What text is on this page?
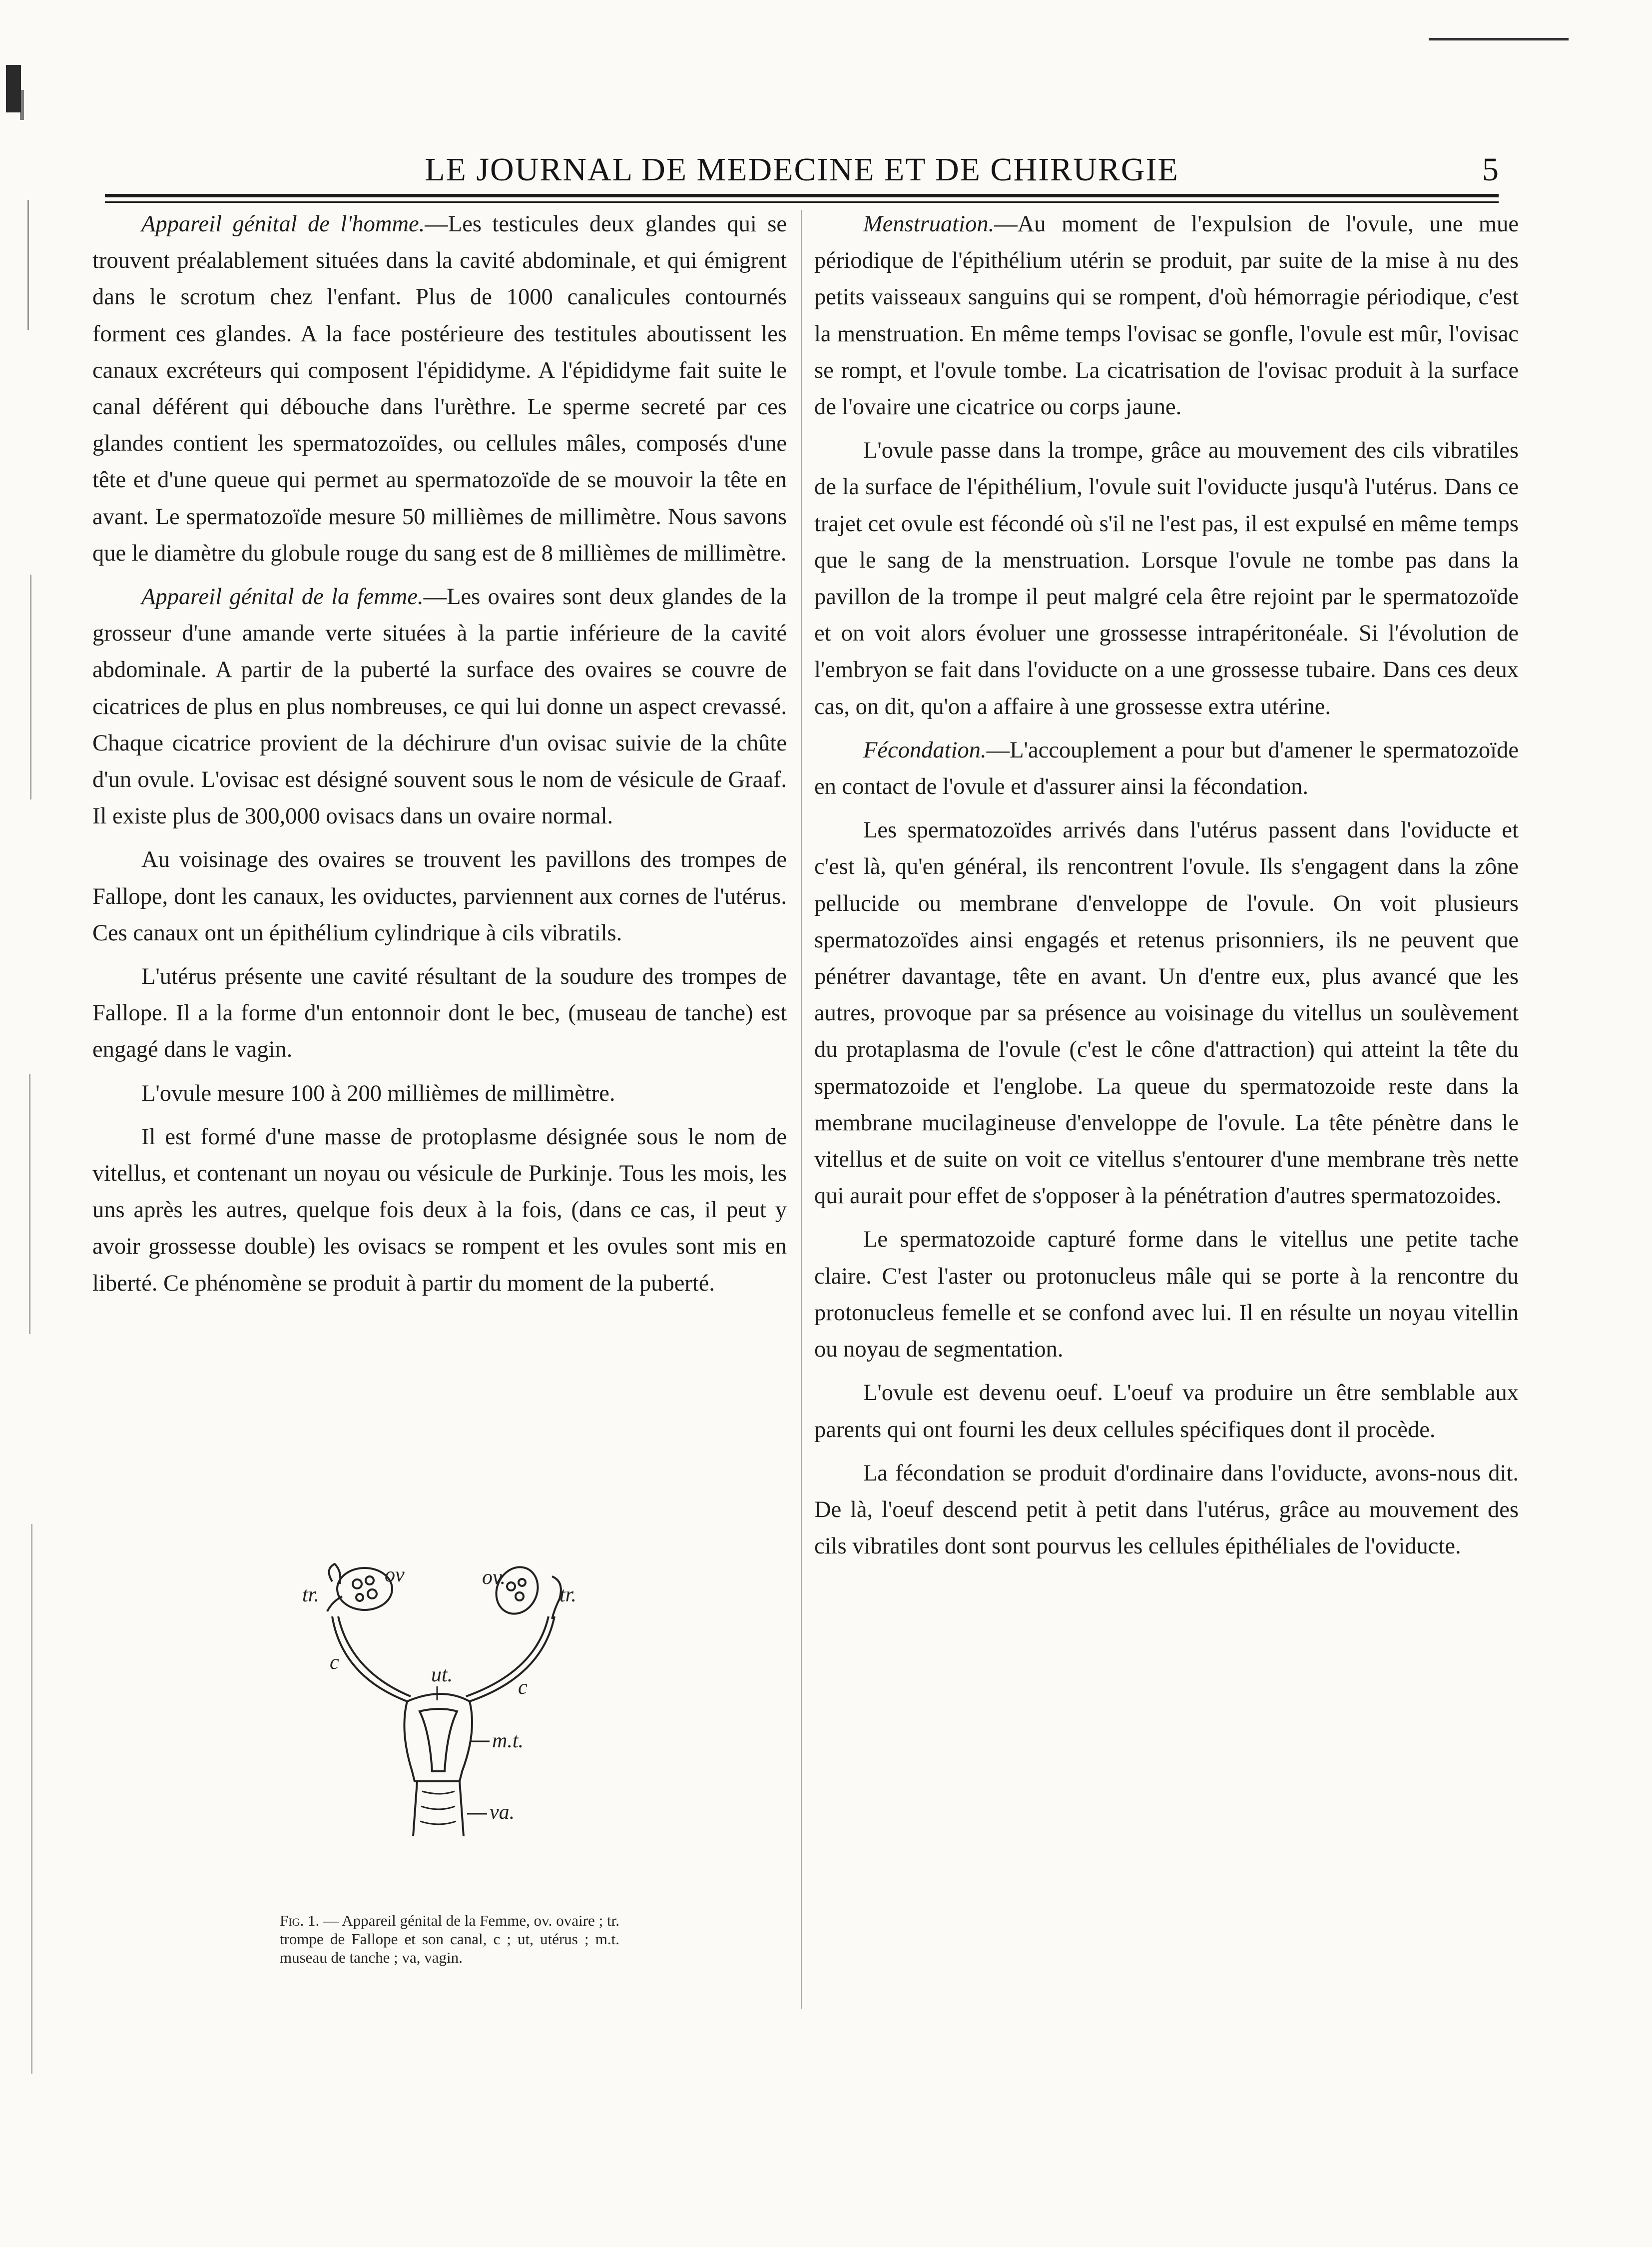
LE JOURNAL DE MEDECINE ET DE CHIRURGIE	5

Appareil génital de l'homme.—Les testicules deux glandes qui se trouvent préalablement situées dans la cavité abdominale, et qui émigrent dans le scrotum chez l'enfant. Plus de 1000 canalicules contournés forment ces glandes. A la face postérieure des testitules aboutissent les canaux excréteurs qui composent l'épididyme. A l'épididyme fait suite le canal déférent qui débouche dans l'urèthre. Le sperme secreté par ces glandes contient les spermatozoïdes, ou cellules mâles, composés d'une tête et d'une queue qui permet au spermatozoïde de se mouvoir la tête en avant. Le spermatozoïde mesure 50 millièmes de millimètre. Nous savons que le diamètre du globule rouge du sang est de 8 millièmes de millimètre.

Appareil génital de la femme.—Les ovaires sont deux glandes de la grosseur d'une amande verte situées à la partie inférieure de la cavité abdominale. A partir de la puberté la surface des ovaires se couvre de cicatrices de plus en plus nombreuses, ce qui lui donne un aspect crevassé. Chaque cicatrice provient de la déchirure d'un ovisac suivie de la chûte d'un ovule. L'ovisac est désigné souvent sous le nom de vésicule de Graaf. Il existe plus de 300,000 ovisacs dans un ovaire normal.

Au voisinage des ovaires se trouvent les pavillons des trompes de Fallope, dont les canaux, les oviductes, parviennent aux cornes de l'utérus. Ces canaux ont un épithélium cylindrique à cils vibratils.

L'utérus présente une cavité résultant de la soudure des trompes de Fallope. Il a la forme d'un entonnoir dont le bec, (museau de tanche) est engagé dans le vagin.

L'ovule mesure 100 à 200 millièmes de millimètre.

Il est formé d'une masse de protoplasme désignée sous le nom de vitellus, et contenant un noyau ou vésicule de Purkinje. Tous les mois, les uns après les autres, quelque fois deux à la fois, (dans ce cas, il peut y avoir grossesse double) les ovisacs se rompent et les ovules sont mis en liberté. Ce phénomène se produit à partir du moment de la puberté.

tr.
ov	ov.
tr.
c
ut.
c
m.t.
va.
Fig. 1. — Appareil génital de la Femme, ov. ovaire ; tr. trompe de Fallope et son canal, c ; ut, utérus ; m.t. museau de tanche ; va, vagin.

Menstruation.—Au moment de l'expulsion de l'ovule, une mue périodique de l'épithélium utérin se produit, par suite de la mise à nu des petits vaisseaux sanguins qui se rompent, d'où hémorragie périodique, c'est la menstruation. En même temps l'ovisac se gonfle, l'ovule est mûr, l'ovisac se rompt, et l'ovule tombe. La cicatrisation de l'ovisac produit à la surface de l'ovaire une cicatrice ou corps jaune.

L'ovule passe dans la trompe, grâce au mouvement des cils vibratiles de la surface de l'épithélium, l'ovule suit l'oviducte jusqu'à l'utérus. Dans ce trajet cet ovule est fécondé où s'il ne l'est pas, il est expulsé en même temps que le sang de la menstruation. Lorsque l'ovule ne tombe pas dans la pavillon de la trompe il peut malgré cela être rejoint par le spermatozoïde et on voit alors évoluer une grossesse intrapéritonéale. Si l'évolution de l'embryon se fait dans l'oviducte on a une grossesse tubaire. Dans ces deux cas, on dit, qu'on a affaire à une grossesse extra utérine.

Fécondation.—L'accouplement a pour but d'amener le spermatozoïde en contact de l'ovule et d'assurer ainsi la fécondation.

Les spermatozoïdes arrivés dans l'utérus passent dans l'oviducte et c'est là, qu'en général, ils rencontrent l'ovule. Ils s'engagent dans la zône pellucide ou membrane d'enveloppe de l'ovule. On voit plusieurs spermatozoïdes ainsi engagés et retenus prisonniers, ils ne peuvent que pénétrer davantage, tête en avant. Un d'entre eux, plus avancé que les autres, provoque par sa présence au voisinage du vitellus un soulèvement du protaplasma de l'ovule (c'est le cône d'attraction) qui atteint la tête du spermatozoide et l'englobe. La queue du spermatozoide reste dans la membrane mucilagineuse d'enveloppe de l'ovule. La tête pénètre dans le vitellus et de suite on voit ce vitellus s'entourer d'une membrane très nette qui aurait pour effet de s'opposer à la pénétration d'autres spermatozoides.

Le spermatozoide capturé forme dans le vitellus une petite tache claire. C'est l'aster ou protonucleus mâle qui se porte à la rencontre du protonucleus femelle et se confond avec lui. Il en résulte un noyau vitellin ou noyau de segmentation.

L'ovule est devenu oeuf. L'oeuf va produire un être semblable aux parents qui ont fourni les deux cellules spécifiques dont il procède.

La fécondation se produit d'ordinaire dans l'oviducte, avons-nous dit. De là, l'oeuf descend petit à petit dans l'utérus, grâce au mouvement des cils vibratiles dont sont pourvus les cellules épithéliales de l'oviducte.
